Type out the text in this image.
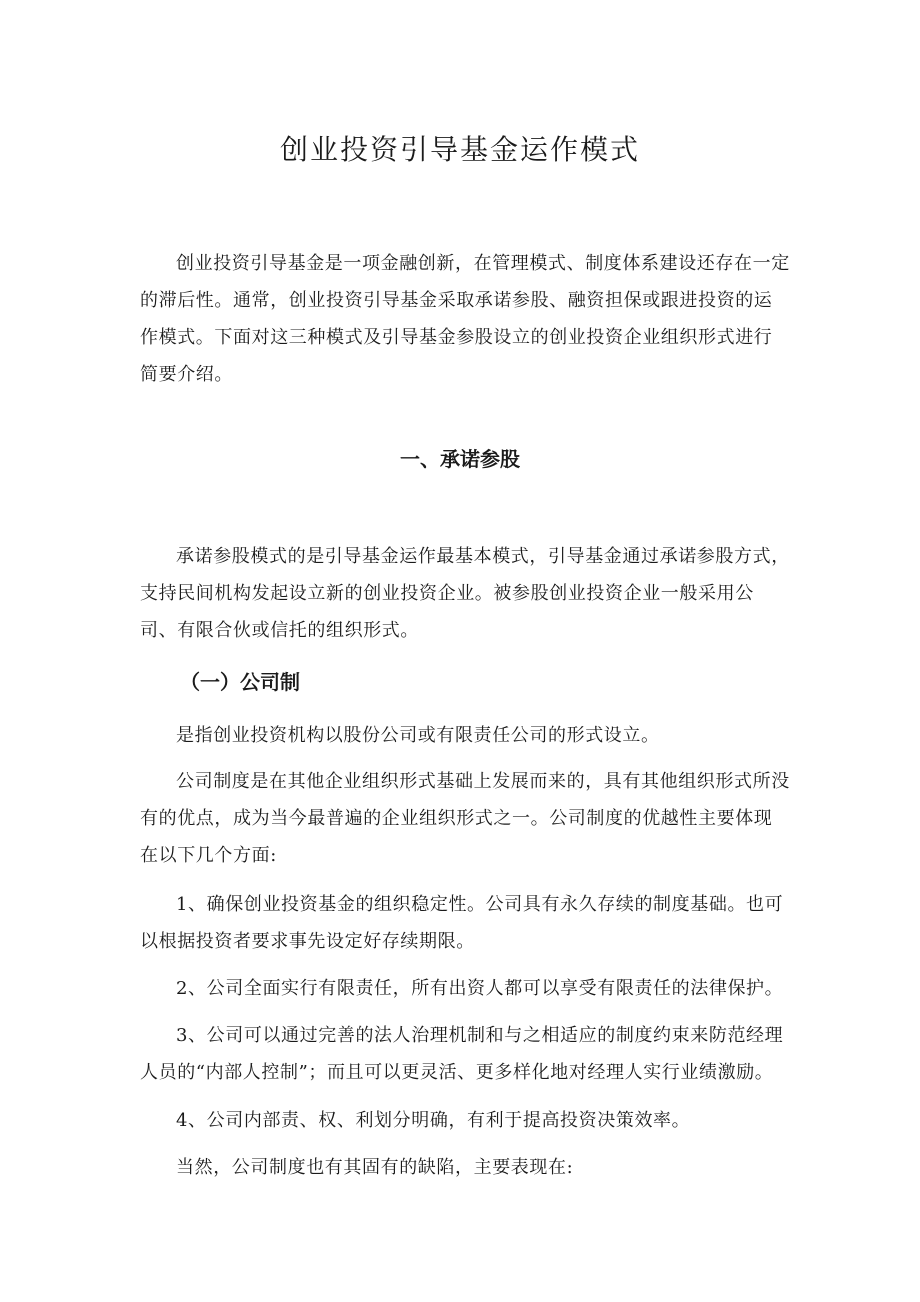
创业投资引导基金运作模式

创业投资引导基金是一项金融创新，在管理模式、制度体系建设还存在一定的滞后性。通常，创业投资引导基金采取承诺参股、融资担保或跟进投资的运作模式。下面对这三种模式及引导基金参股设立的创业投资企业组织形式进行简要介绍。

一、承诺参股

承诺参股模式的是引导基金运作最基本模式，引导基金通过承诺参股方式，支持民间机构发起设立新的创业投资企业。被参股创业投资企业一般采用公司、有限合伙或信托的组织形式。

（一）公司制

是指创业投资机构以股份公司或有限责任公司的形式设立。

公司制度是在其他企业组织形式基础上发展而来的，具有其他组织形式所没有的优点，成为当今最普遍的企业组织形式之一。公司制度的优越性主要体现在以下几个方面:

1、确保创业投资基金的组织稳定性。公司具有永久存续的制度基础。也可以根据投资者要求事先设定好存续期限。

2、公司全面实行有限责任，所有出资人都可以享受有限责任的法律保护。

3、公司可以通过完善的法人治理机制和与之相适应的制度约束来防范经理人员的“内部人控制”；而且可以更灵活、更多样化地对经理人实行业绩激励。

4、公司内部责、权、利划分明确，有利于提高投资决策效率。

当然，公司制度也有其固有的缺陷，主要表现在:
